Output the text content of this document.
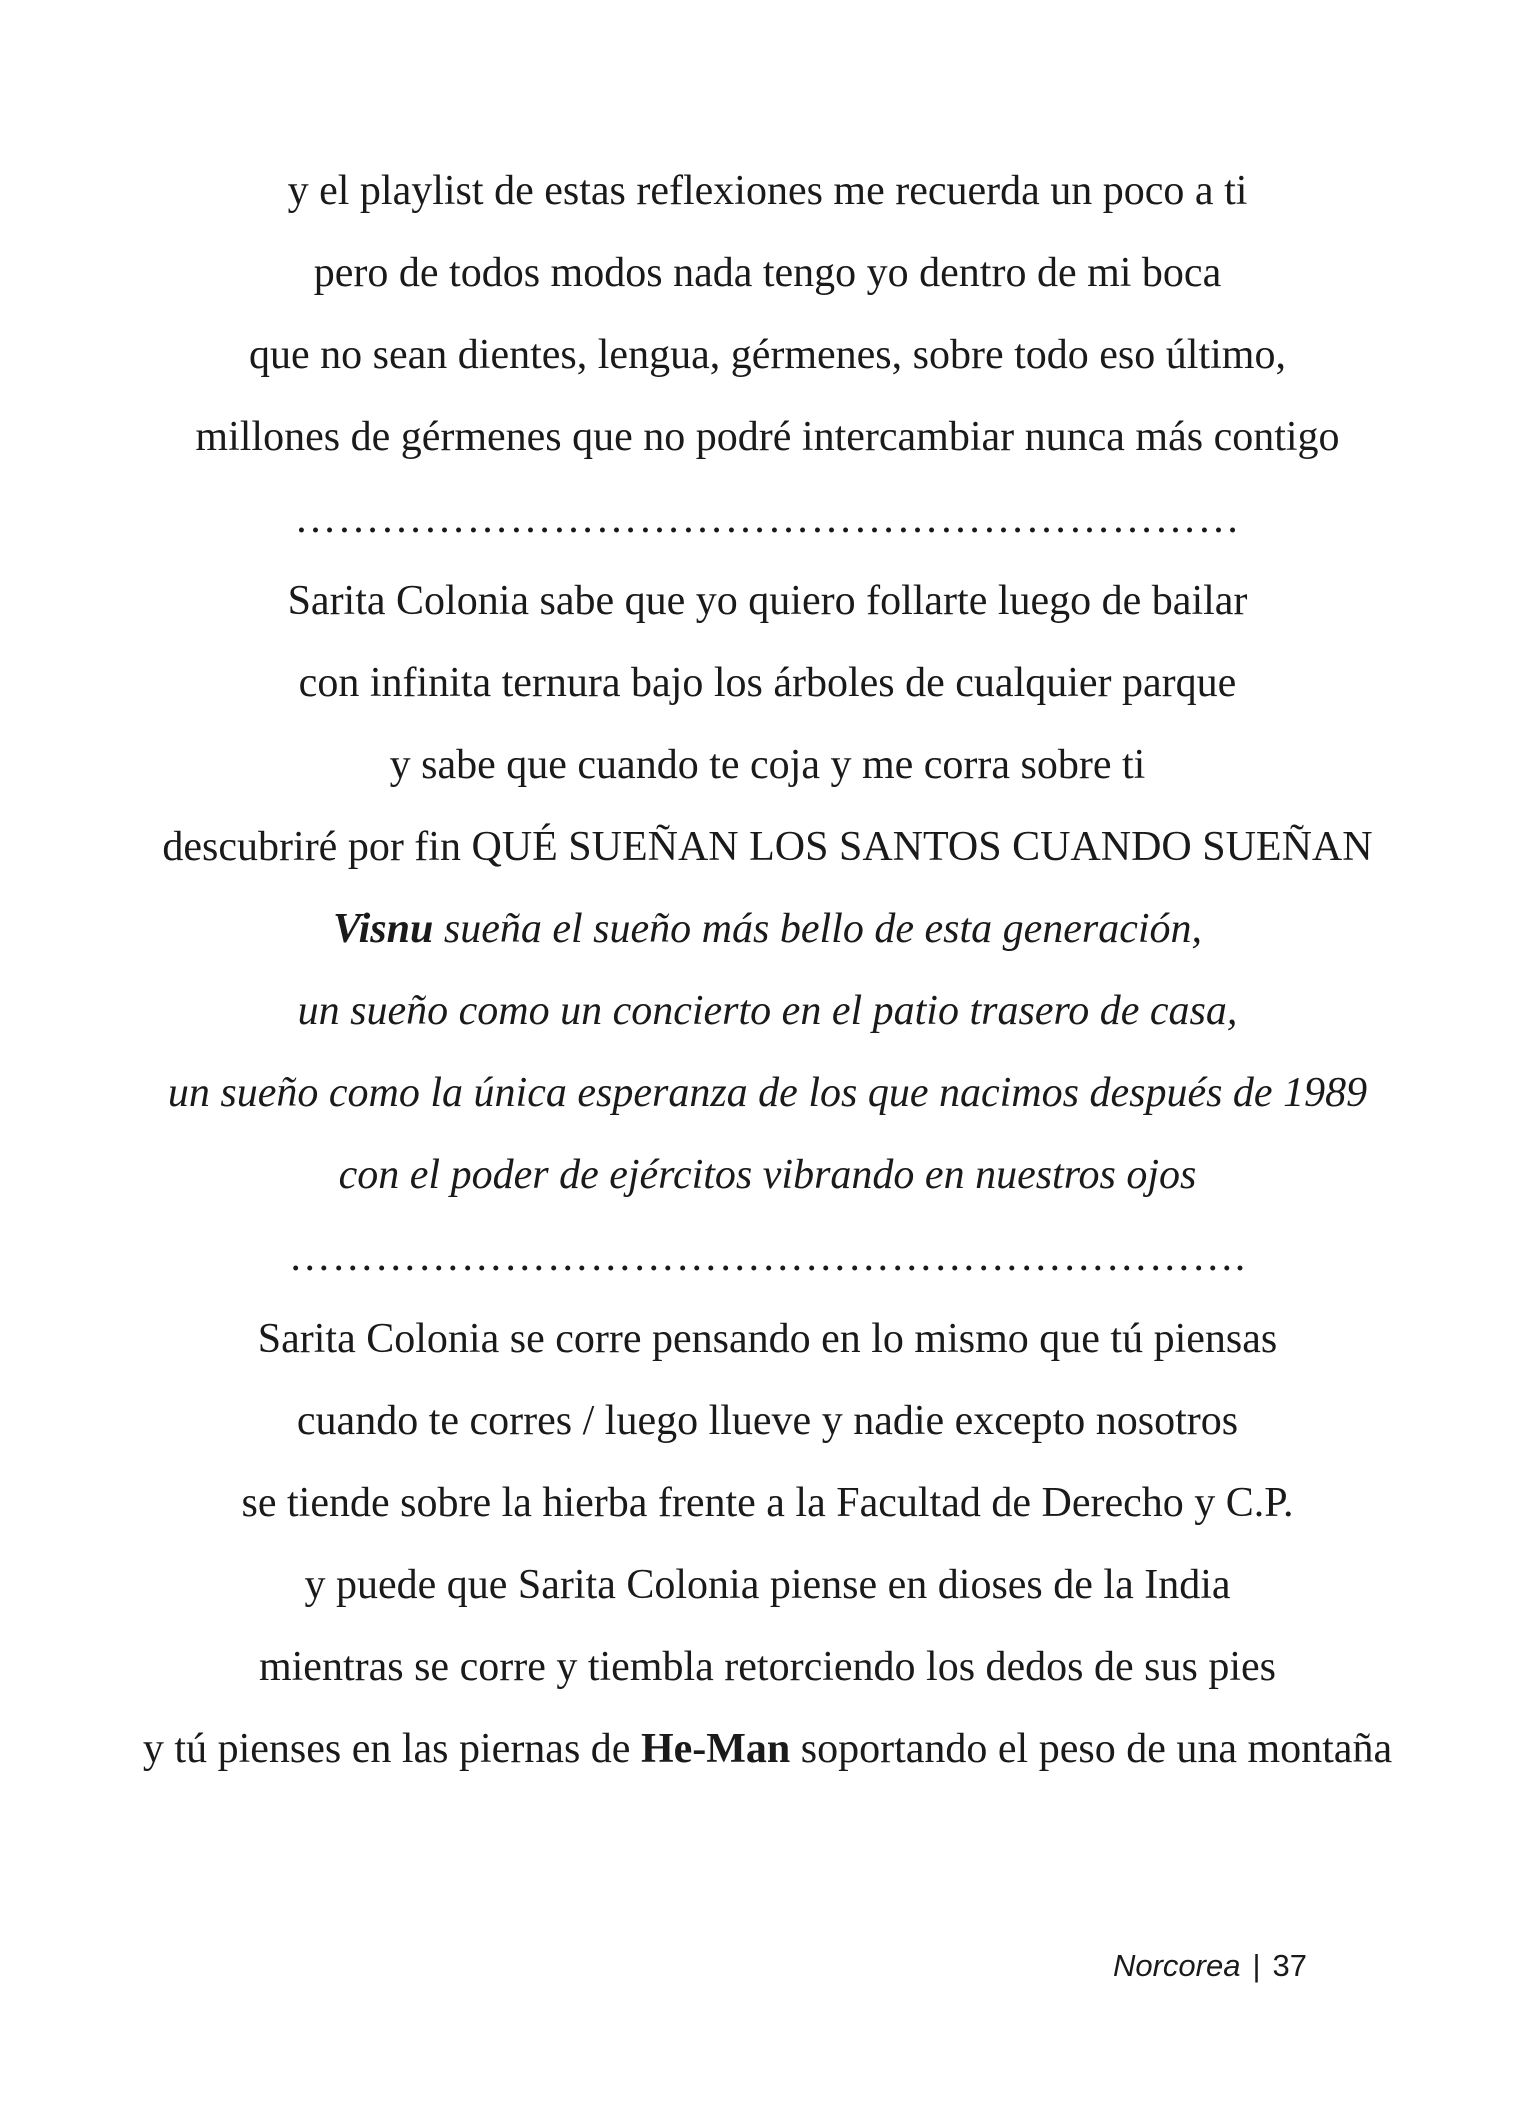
y el playlist de estas reflexiones me recuerda un poco a ti
pero de todos modos nada tengo yo dentro de mi boca
que no sean dientes, lengua, gérmenes, sobre todo eso último,
millones de gérmenes que no podré intercambiar nunca más contigo
…………………………………………………………
Sarita Colonia sabe que yo quiero follarte luego de bailar
con infinita ternura bajo los árboles de cualquier parque
y sabe que cuando te coja y me corra sobre ti
descubriré por fin QUÉ SUEÑAN LOS SANTOS CUANDO SUEÑAN
Visnu sueña el sueño más bello de esta generación,
un sueño como un concierto en el patio trasero de casa,
un sueño como la única esperanza de los que nacimos después de 1989
con el poder de ejércitos vibrando en nuestros ojos
………………………………………………………….
Sarita Colonia se corre pensando en lo mismo que tú piensas
cuando te corres / luego llueve y nadie excepto nosotros
se tiende sobre la hierba frente a la Facultad de Derecho y C.P.
y puede que Sarita Colonia piense en dioses de la India
mientras se corre y tiembla retorciendo los dedos de sus pies
y tú pienses en las piernas de He-Man soportando el peso de una montaña
Norcorea | 37
